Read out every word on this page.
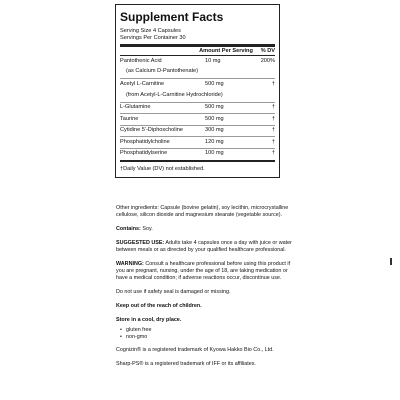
Supplement Facts
Serving Size 4 Capsules
Servings Per Container 30
Amount Per Serving	% DV
Pantothenic Acid	10 mg	200%
(as Calcium D-Pantothenate)
Acetyl L-Carnitine	500 mg	†
(from Acetyl-L-Carnitine Hydrochloride)
L-Glutamine	500 mg	†
Taurine	500 mg	†
Cytidine 5'-Diphoscholine	300 mg	†
Phosphatidylcholine	120 mg	†
Phosphatidylserine	100 mg	†
†Daily Value (DV) not established.

Other ingredients: Capsule (bovine gelatin), soy lecithin, microcrystalline cellulose, silicon dioxide and magnesium stearate (vegetable source).

Contains: Soy.

SUGGESTED USE: Adults take 4 capsules once a day with juice or water between meals or as directed by your qualified healthcare professional.

WARNING: Consult a healthcare professional before using this product if you are pregnant, nursing, under the age of 18, are taking medication or have a medical condition; if adverse reactions occur, discontinue use.

Do not use if safety seal is damaged or missing.

Keep out of the reach of children.

Store in a cool, dry place.

• gluten free
• non-gmo

Cognizin® is a registered trademark of Kyowa Hakko Bio Co., Ltd.

Sharp-PS® is a registered trademark of IFF or its affiliates.
